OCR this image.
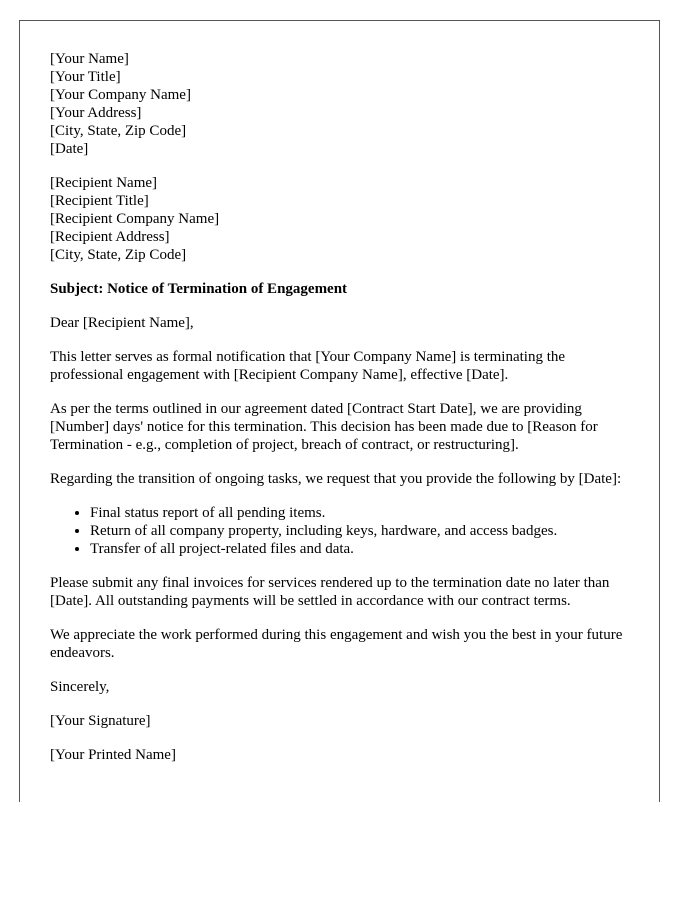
[Your Name]
[Your Title]
[Your Company Name]
[Your Address]
[City, State, Zip Code]
[Date]
[Recipient Name]
[Recipient Title]
[Recipient Company Name]
[Recipient Address]
[City, State, Zip Code]

Subject: Notice of Termination of Engagement

Dear [Recipient Name],

This letter serves as formal notification that [Your Company Name] is terminating the professional engagement with [Recipient Company Name], effective [Date].

As per the terms outlined in our agreement dated [Contract Start Date], we are providing [Number] days' notice for this termination. This decision has been made due to [Reason for Termination - e.g., completion of project, breach of contract, or restructuring].

Regarding the transition of ongoing tasks, we request that you provide the following by [Date]:

• Final status report of all pending items.
• Return of all company property, including keys, hardware, and access badges.
• Transfer of all project-related files and data.

Please submit any final invoices for services rendered up to the termination date no later than [Date]. All outstanding payments will be settled in accordance with our contract terms.

We appreciate the work performed during this engagement and wish you the best in your future endeavors.

Sincerely,

[Your Signature]

[Your Printed Name]
